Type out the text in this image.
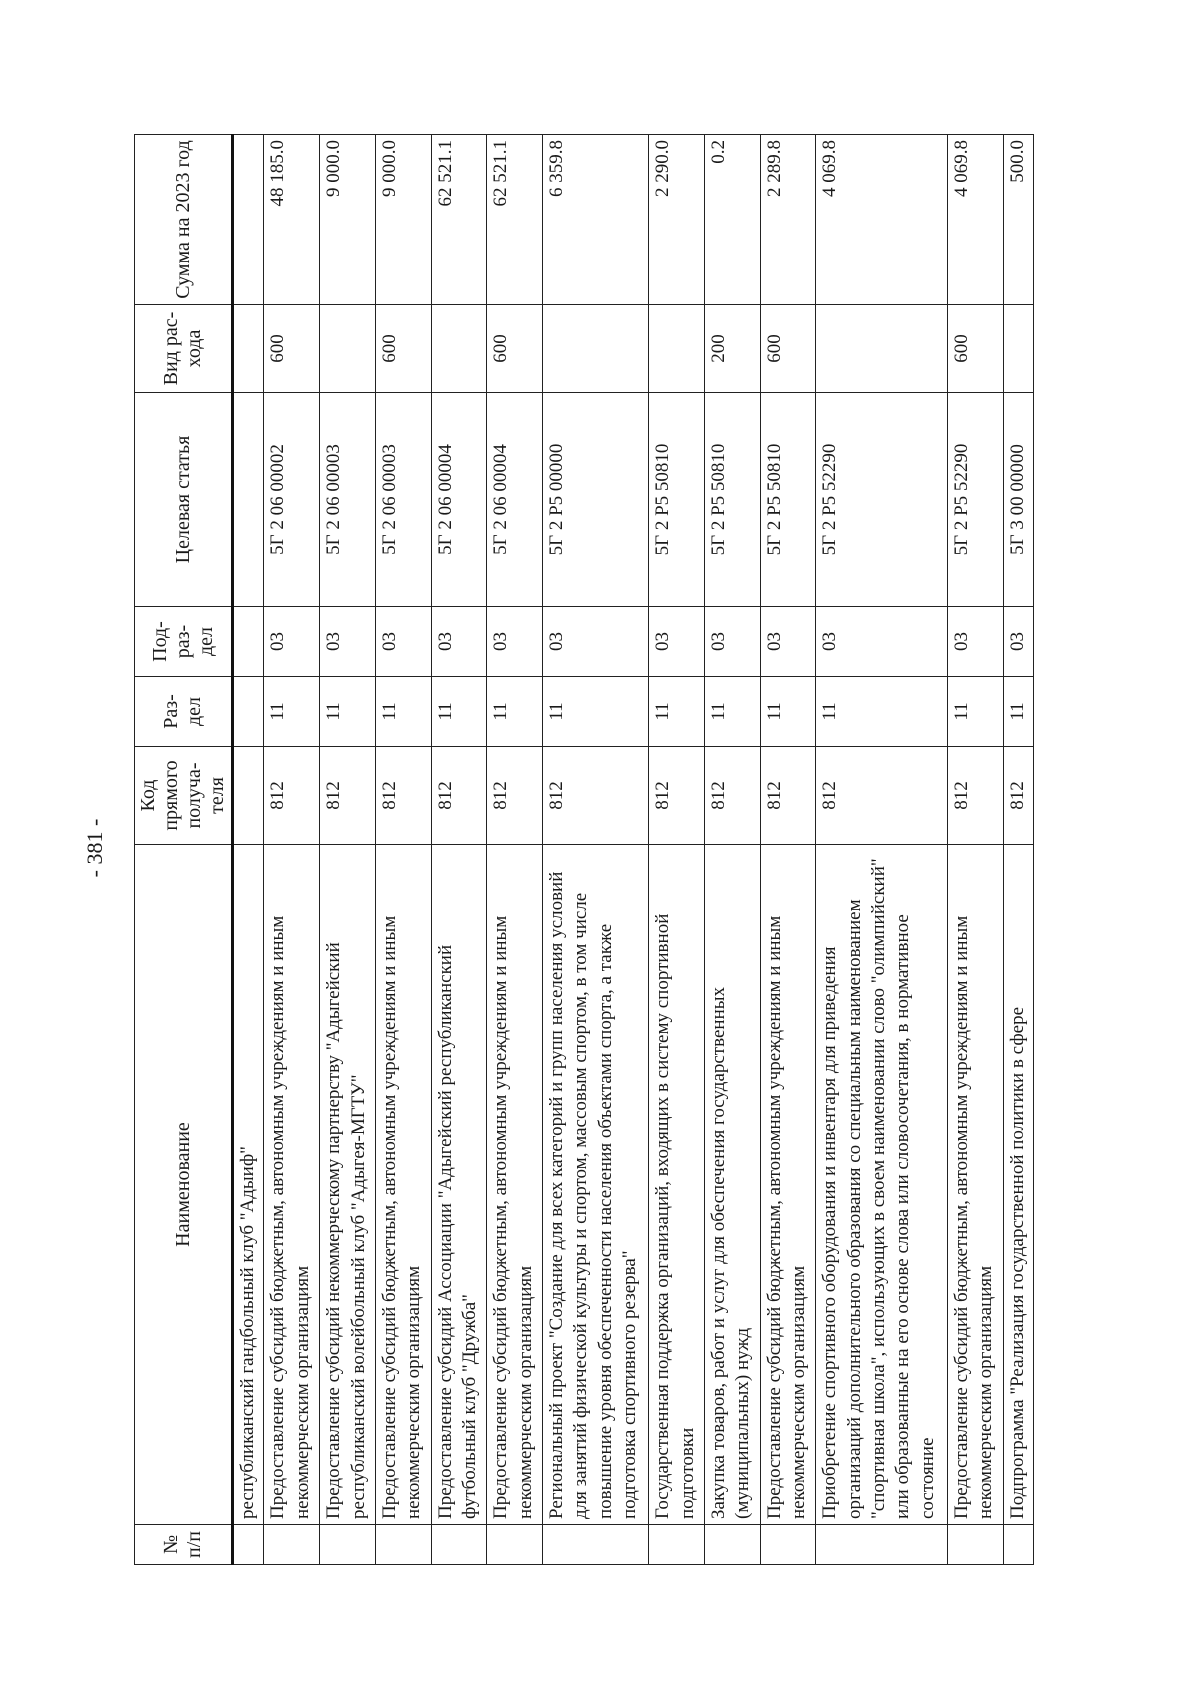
- 381 -
№ п/п	Наименование	Код прямого получа- теля	Раз- дел	Под- раз- дел	Целевая статья	Вид рас- хода	Сумма на 2023 год
	республиканский гандбольный клуб "Адыиф"						
	Предоставление субсидий бюджетным, автономным учреждениям и иным некоммерческим организациям	812	11	03	5Г 2 06 00002	600	48 185.0
	Предоставление субсидий некоммерческому партнерству "Адыгейский республиканский волейбольный клуб "Адыгея-МГТУ"	812	11	03	5Г 2 06 00003		9 000.0
	Предоставление субсидий бюджетным, автономным учреждениям и иным некоммерческим организациям	812	11	03	5Г 2 06 00003	600	9 000.0
	Предоставление субсидий Ассоциации "Адыгейский республиканский футбольный клуб "Дружба"	812	11	03	5Г 2 06 00004		62 521.1
	Предоставление субсидий бюджетным, автономным учреждениям и иным некоммерческим организациям	812	11	03	5Г 2 06 00004	600	62 521.1
	Региональный проект "Создание для всех категорий и групп населения условий для занятий физической культуры и спортом, массовым спортом, в том числе повышение уровня обеспеченности населения объектами спорта, а также подготовка спортивного резерва"	812	11	03	5Г 2 Р5 00000		6 359.8
	Государственная поддержка организаций, входящих в систему спортивной подготовки	812	11	03	5Г 2 Р5 50810		2 290.0
	Закупка товаров, работ и услуг для обеспечения государственных (муниципальных) нужд	812	11	03	5Г 2 Р5 50810	200	0.2
	Предоставление субсидий бюджетным, автономным учреждениям и иным некоммерческим организациям	812	11	03	5Г 2 Р5 50810	600	2 289.8
	Приобретение спортивного оборудования и инвентаря для приведения организаций дополнительного образования со специальным наименованием "спортивная школа", использующих в своем наименовании слово "олимпийский" или образованные на его основе слова или словосочетания, в нормативное состояние	812	11	03	5Г 2 Р5 52290		4 069.8
	Предоставление субсидий бюджетным, автономным учреждениям и иным некоммерческим организациям	812	11	03	5Г 2 Р5 52290	600	4 069.8
	Подпрограмма "Реализация государственной политики в сфере	812	11	03	5Г 3 00 00000		500.0
